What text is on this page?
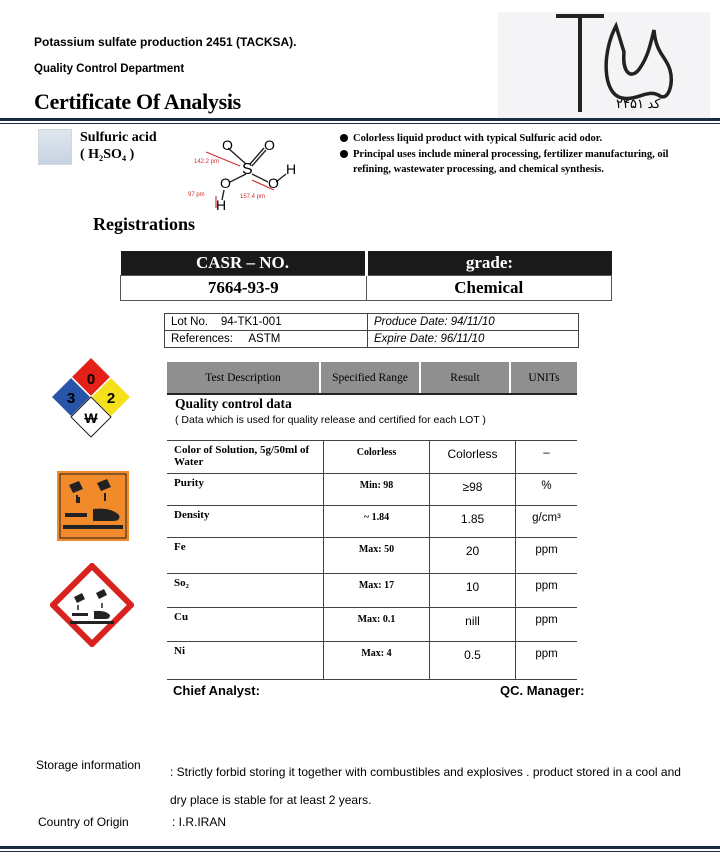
Potassium sulfate production 2451 (TACKSA).
Quality Control Department
Certificate Of Analysis	کد ۲۴۵۱
Sulfuric acid
( H₂SO₄ )
O
S
O
O	O
H
H
142.2 pm
97 pm	157.4 pm
Colorless liquid product with typical Sulfuric acid odor.
Principal uses include mineral processing, fertilizer manufacturing, oil refining, wastewater processing, and chemical synthesis.
Registrations
CASR – NO.	grade:
7664-93-9	Chemical
Lot No. 94-TK1-001	Produce Date: 94/11/10
References: ASTM	Expire Date: 96/11/10
0
3 2
W
Test Description	Specified Range	Result	UNITs
Quality control data
( Data which is used for quality release and certified for each LOT )
Color of Solution, 5g/50ml of Water	Colorless	Colorless	–
Purity	Min: 98	≥98	%
Density	~ 1.84	1.85	g/cm³
Fe	Max: 50	20	ppm
So₂	Max: 17	10	ppm
Cu	Max: 0.1	nill	ppm
Ni	Max: 4	0.5	ppm
Chief Analyst:	QC. Manager:
Storage information : Strictly forbid storing it together with combustibles and explosives . product stored in a cool and dry place is stable for at least 2 years.
Country of Origin	: I.R.IRAN
